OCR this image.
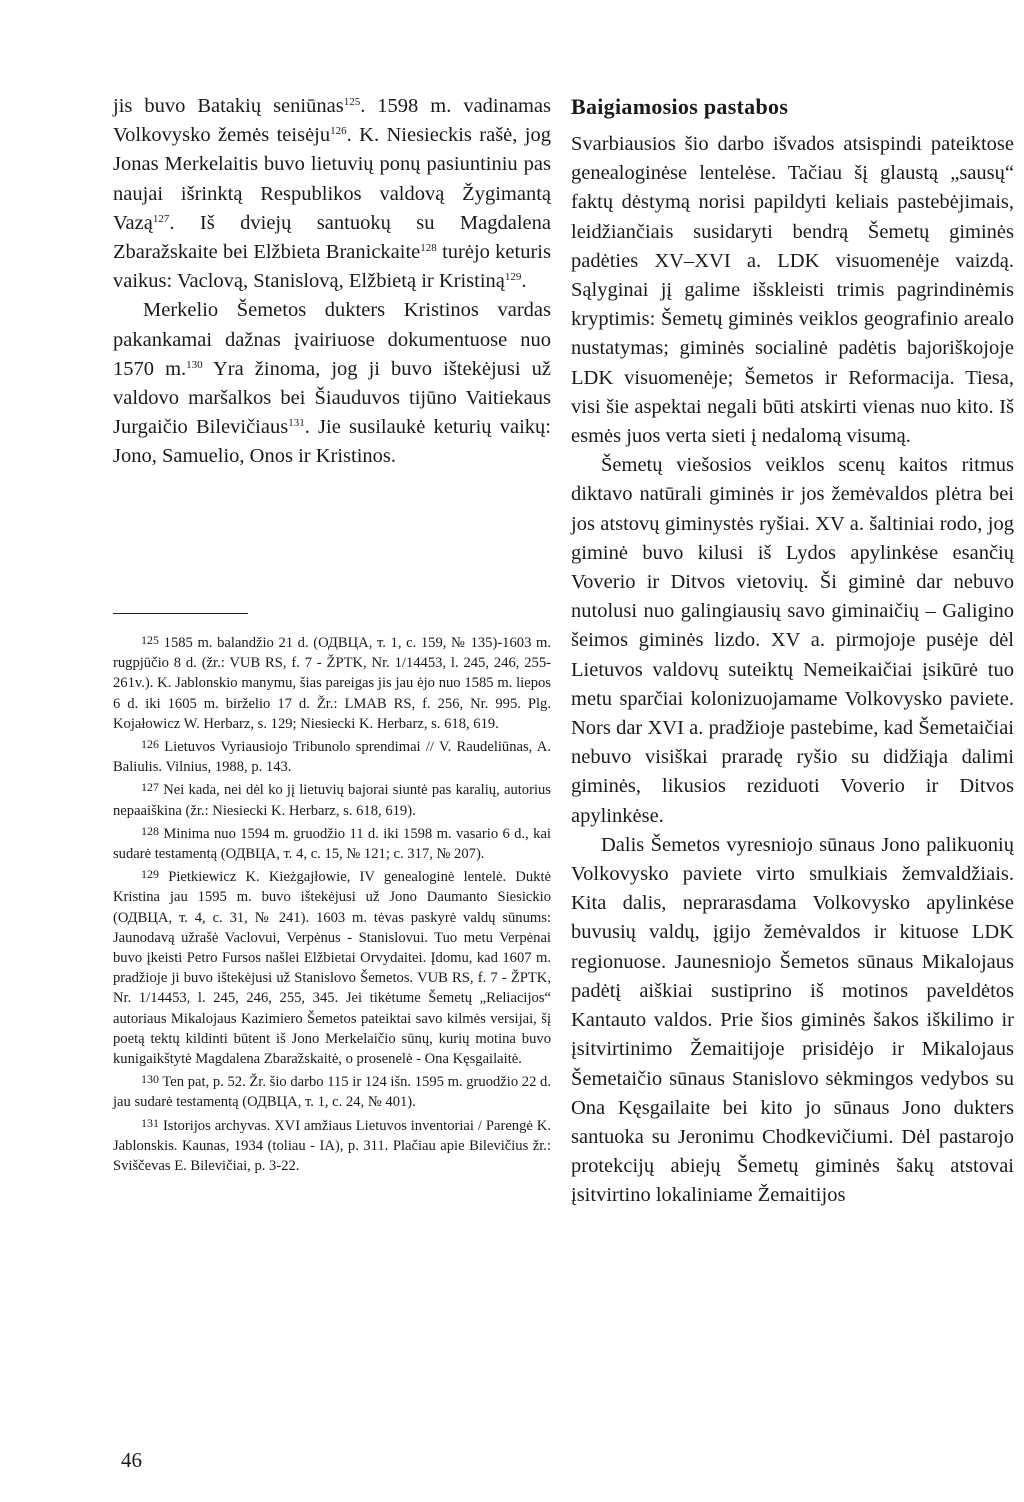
jis buvo Batakių seniūnas$^{125}$. 1598 m. vadinamas Volkovysko žemės teisėju$^{126}$. K. Niesieckis rašė, jog Jonas Merkelaitis buvo lietuvių ponų pasiuntiniu pas naujai išrinktą Respublikos valdovą Žygimantą Vazą$^{127}$. Iš dviejų santuokų su Magdalena Zbaražskaite bei Elžbieta Branickaite$^{128}$ turėjo keturis vaikus: Vaclovą, Stanislovą, Elžbietą ir Kristiną$^{129}$.

Merkelio Šemetos dukters Kristinos vardas pakankamai dažnas įvairiuose dokumentuose nuo 1570 m.$^{130}$ Yra žinoma, jog ji buvo ištekėjusi už valdovo maršalkos bei Šiauduvos tijūno Vaitiekaus Jurgaičio Bilevičiaus$^{131}$. Jie susilaukė keturių vaikų: Jono, Samuelio, Onos ir Kristinos.

$^{125}$ 1585 m. balandžio 21 d. (ОДВЦА, т. 1, c. 159, № 135)-1603 m. rugpjūčio 8 d. (žr.: VUB RS, f. 7 - ŽPTK, Nr. 1/14453, l. 245, 246, 255-261v.). K. Jablonskio manymu, šias pareigas jis jau ėjo nuo 1585 m. liepos 6 d. iki 1605 m. birželio 17 d. Žr.: LMAB RS, f. 256, Nr. 995. Plg. Kojałowicz W. Herbarz, s. 129; Niesiecki K. Herbarz, s. 618, 619.

$^{126}$ Lietuvos Vyriausiojo Tribunolo sprendimai // V. Raudeliūnas, A. Baliulis. Vilnius, 1988, p. 143.

$^{127}$ Nei kada, nei dėl ko jį lietuvių bajorai siuntė pas karalių, autorius nepaaiškina (žr.: Niesiecki K. Herbarz, s. 618, 619).

$^{128}$ Minima nuo 1594 m. gruodžio 11 d. iki 1598 m. vasario 6 d., kai sudarė testamentą (ОДВЦА, т. 4, c. 15, № 121; c. 317, № 207).

$^{129}$ Pietkiewicz K. Kieżgajłowie, IV genealoginė lentelė. Duktė Kristina jau 1595 m. buvo ištekėjusi už Jono Daumanto Siesickio (ОДВЦА, т. 4, c. 31, № 241). 1603 m. tėvas paskyrė valdų sūnums: Jaunodavą užrašė Vaclovui, Verpėnus - Stanislovui. Tuo metu Verpėnai buvo įkeisti Petro Fursos našlei Elžbietai Orvydaitei. Įdomu, kad 1607 m. pradžioje ji buvo ištekėjusi už Stanislovo Šemetos. VUB RS, f. 7 - ŽPTK, Nr. 1/14453, l. 245, 246, 255, 345. Jei tikėtume Šemetų „Reliacijos“ autoriaus Mikalojaus Kazimiero Šemetos pateiktai savo kilmės versijai, šį poetą tektų kildinti būtent iš Jono Merkelaičio sūnų, kurių motina buvo kunigaikštytė Magdalena Zbaražskaitė, o prosenelė - Ona Kęsgailaitė.

$^{130}$ Ten pat, p. 52. Žr. šio darbo 115 ir 124 išn. 1595 m. gruodžio 22 d. jau sudarė testamentą (ОДВЦА, т. 1, c. 24, № 401).

$^{131}$ Istorijos archyvas. XVI amžiaus Lietuvos inventoriai / Parengė K. Jablonskis. Kaunas, 1934 (toliau - IA), p. 311. Plačiau apie Bilevičius žr.: Sviščevas E. Bilevičiai, p. 3-22.

46
Baigiamosios pastabos

Svarbiausios šio darbo išvados atsispindi pateiktose genealoginėse lentelėse. Tačiau šį glaustą „sausų“ faktų dėstymą norisi papildyti keliais pastebėjimais, leidžiančiais susidaryti bendrą Šemetų giminės padėties XV–XVI a. LDK visuomenėje vaizdą. Sąlyginai jį galime išskleisti trimis pagrindinėmis kryptimis: Šemetų giminės veiklos geografinio arealo nustatymas; giminės socialinė padėtis bajoriškojoje LDK visuomenėje; Šemetos ir Reformacija. Tiesa, visi šie aspektai negali būti atskirti vienas nuo kito. Iš esmės juos verta sieti į nedalomą visumą.

Šemetų viešosios veiklos scenų kaitos ritmus diktavo natūrali giminės ir jos žemėvaldos plėtra bei jos atstovų giminystės ryšiai. XV a. šaltiniai rodo, jog giminė buvo kilusi iš Lydos apylinkėse esančių Voverio ir Ditvos vietovių. Ši giminė dar nebuvo nutolusi nuo galingiausių savo giminaičių – Galigino šeimos giminės lizdo. XV a. pirmojoje pusėje dėl Lietuvos valdovų suteiktų Nemeikaičiai įsikūrė tuo metu sparčiai kolonizuojamame Volkovysko paviete. Nors dar XVI a. pradžioje pastebime, kad Šemetaičiai nebuvo visiškai praradę ryšio su didžiąja dalimi giminės, likusios reziduoti Voverio ir Ditvos apylinkėse.

Dalis Šemetos vyresniojo sūnaus Jono palikuonių Volkovysko paviete virto smulkiais žemvaldžiais. Kita dalis, neprarasdama Volkovysko apylinkėse buvusių valdų, įgijo žemėvaldos ir kituose LDK regionuose. Jaunesniojo Šemetos sūnaus Mikalojaus padėtį aiškiai sustiprino iš motinos paveldėtos Kantauto valdos. Prie šios giminės šakos iškilimo ir įsitvirtinimo Žemaitijoje prisidėjo ir Mikalojaus Šemetaičio sūnaus Stanislovo sėkmingos vedybos su Ona Kęsgailaite bei kito jo sūnaus Jono dukters santuoka su Jeronimu Chodkevičiumi. Dėl pastarojo protekcijų abiejų Šemetų giminės šakų atstovai įsitvirtino lokaliniame Žemaitijos
